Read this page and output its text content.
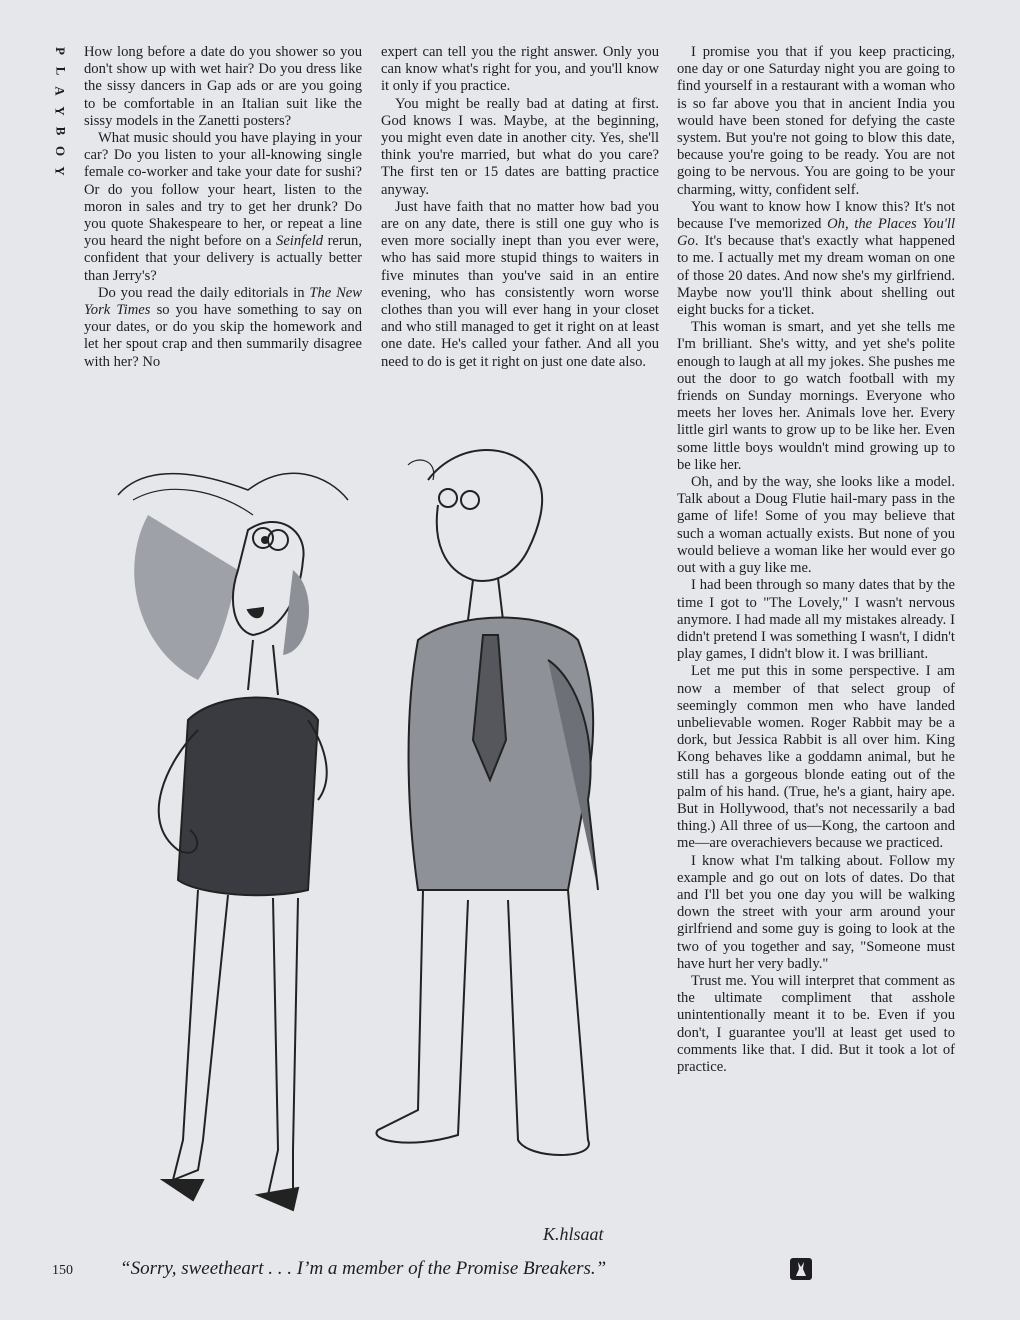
P
L
A
Y
B
O
Y

How long before a date do you shower so you don't show up with wet hair? Do you dress like the sissy dancers in Gap ads or are you going to be comfortable in an Italian suit like the sissy models in the Zanetti posters?

What music should you have playing in your car? Do you listen to your all-knowing single female co-worker and take your date for sushi? Or do you follow your heart, listen to the moron in sales and try to get her drunk? Do you quote Shakespeare to her, or repeat a line you heard the night before on a Seinfeld rerun, confident that your delivery is actually better than Jerry's?

Do you read the daily editorials in The New York Times so you have something to say on your dates, or do you skip the homework and let her spout crap and then summarily disagree with her? No

expert can tell you the right answer. Only you can know what's right for you, and you'll know it only if you practice.

You might be really bad at dating at first. God knows I was. Maybe, at the beginning, you might even date in another city. Yes, she'll think you're married, but what do you care? The first ten or 15 dates are batting practice anyway.

Just have faith that no matter how bad you are on any date, there is still one guy who is even more socially inept than you ever were, who has said more stupid things to waiters in five minutes than you've said in an entire evening, who has consistently worn worse clothes than you will ever hang in your closet and who still managed to get it right on at least one date. He's called your father. And all you need to do is get it right on just one date also.

I promise you that if you keep practicing, one day or one Saturday night you are going to find yourself in a restaurant with a woman who is so far above you that in ancient India you would have been stoned for defying the caste system. But you're not going to blow this date, because you're going to be ready. You are not going to be nervous. You are going to be your charming, witty, confident self.

You want to know how I know this? It's not because I've memorized Oh, the Places You'll Go. It's because that's exactly what happened to me. I actually met my dream woman on one of those 20 dates. And now she's my girlfriend. Maybe now you'll think about shelling out eight bucks for a ticket.

This woman is smart, and yet she tells me I'm brilliant. She's witty, and yet she's polite enough to laugh at all my jokes. She pushes me out the door to go watch football with my friends on Sunday mornings. Everyone who meets her loves her. Animals love her. Every little girl wants to grow up to be like her. Even some little boys wouldn't mind growing up to be like her.

Oh, and by the way, she looks like a model. Talk about a Doug Flutie hail-mary pass in the game of life! Some of you may believe that such a woman actually exists. But none of you would believe a woman like her would ever go out with a guy like me.

I had been through so many dates that by the time I got to "The Lovely," I wasn't nervous anymore. I had made all my mistakes already. I didn't pretend I was something I wasn't, I didn't play games, I didn't blow it. I was brilliant.

Let me put this in some perspective. I am now a member of that select group of seemingly common men who have landed unbelievable women. Roger Rabbit may be a dork, but Jessica Rabbit is all over him. King Kong behaves like a goddamn animal, but he still has a gorgeous blonde eating out of the palm of his hand. (True, he's a giant, hairy ape. But in Hollywood, that's not necessarily a bad thing.) All three of us—Kong, the cartoon and me—are overachievers because we practiced.

I know what I'm talking about. Follow my example and go out on lots of dates. Do that and I'll bet you one day you will be walking down the street with your arm around your girlfriend and some guy is going to look at the two of you together and say, "Someone must have hurt her very badly."

Trust me. You will interpret that comment as the ultimate compliment that asshole unintentionally meant it to be. Even if you don't, I guarantee you'll at least get used to comments like that. I did. But it took a lot of practice.

K.hlsaat
150 “Sorry, sweetheart . . . I’m a member of the Promise Breakers.”
